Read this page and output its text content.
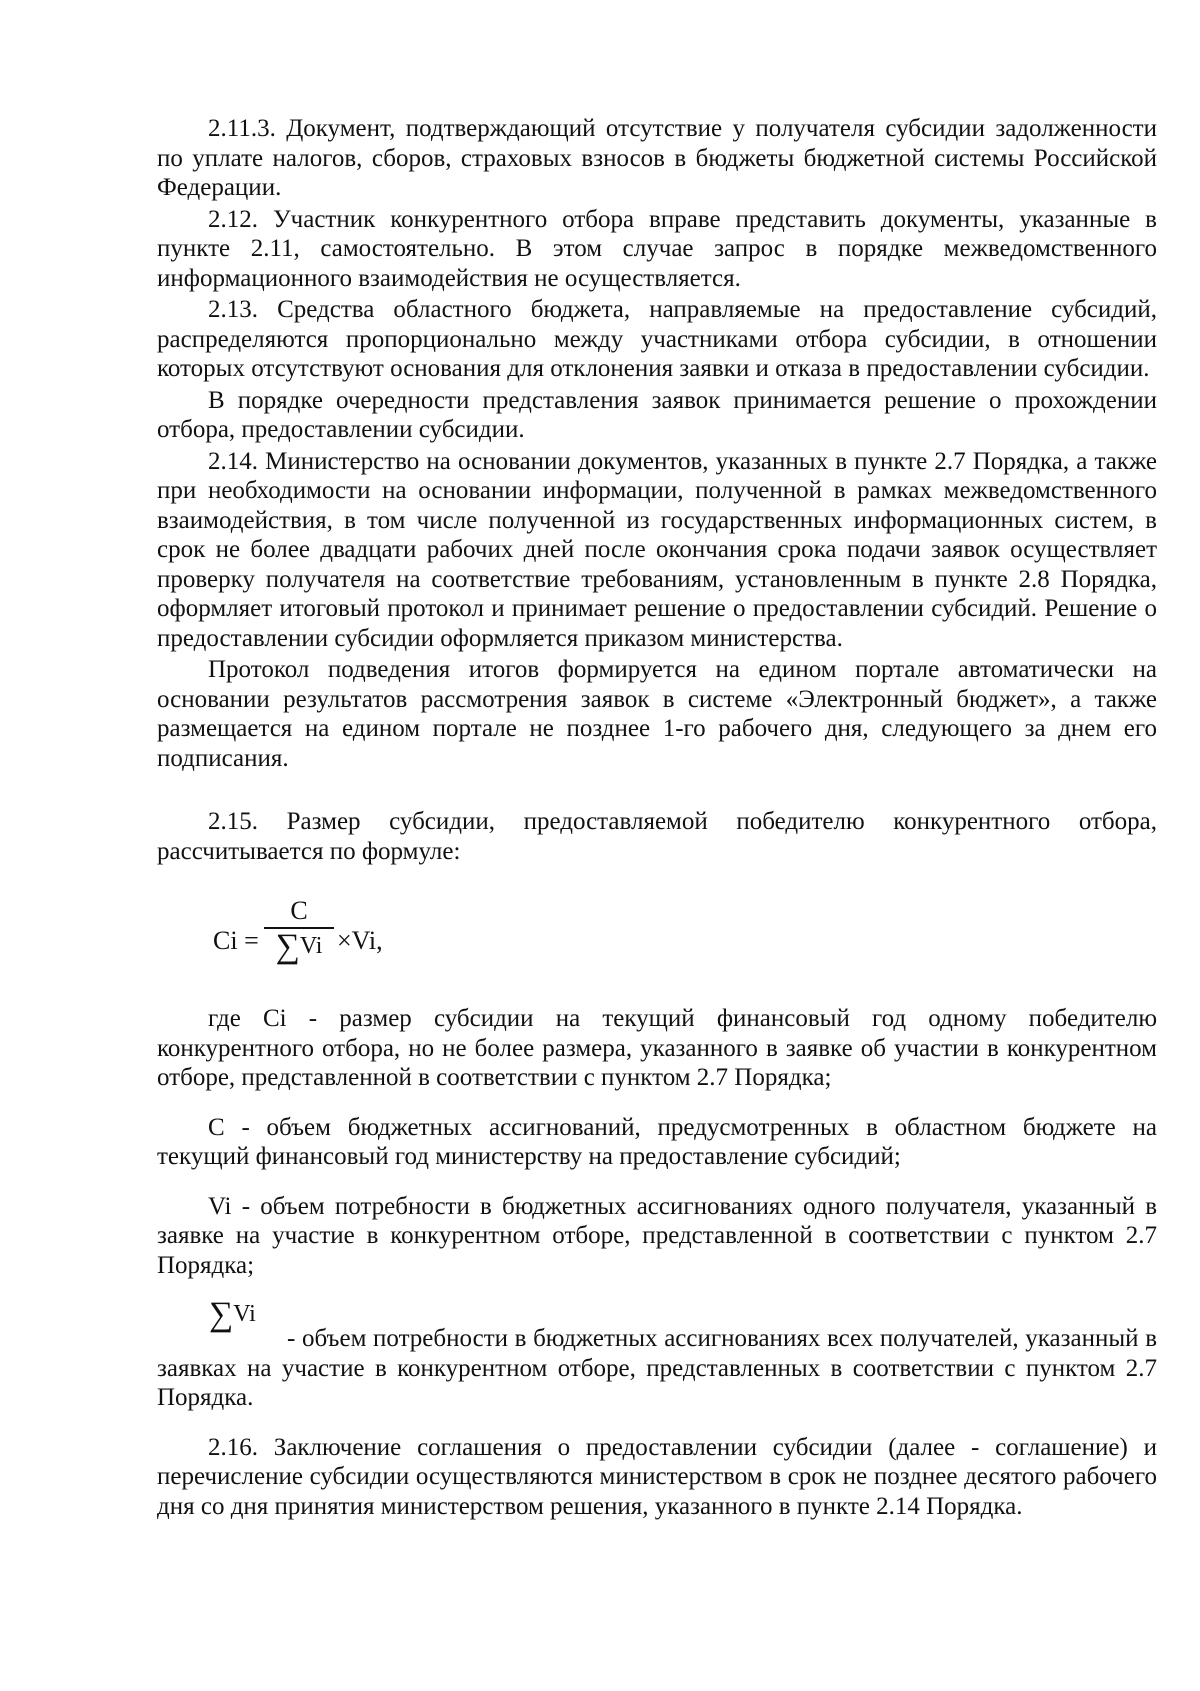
2.11.3. Документ, подтверждающий отсутствие у получателя субсидии задолженности по уплате налогов, сборов, страховых взносов в бюджеты бюджетной системы Российской Федерации.

2.12. Участник конкурентного отбора вправе представить документы, указанные в пункте 2.11, самостоятельно. В этом случае запрос в порядке межведомственного информационного взаимодействия не осуществляется.

2.13. Средства областного бюджета, направляемые на предоставление субсидий, распределяются пропорционально между участниками отбора субсидии, в отношении которых отсутствуют основания для отклонения заявки и отказа в предоставлении субсидии.

В порядке очередности представления заявок принимается решение о прохождении отбора, предоставлении субсидии.

2.14. Министерство на основании документов, указанных в пункте 2.7 Порядка, а также при необходимости на основании информации, полученной в рамках межведомственного взаимодействия, в том числе полученной из государственных информационных систем, в срок не более двадцати рабочих дней после окончания срока подачи заявок осуществляет проверку получателя на соответствие требованиям, установленным в пункте 2.8 Порядка, оформляет итоговый протокол и принимает решение о предоставлении субсидий. Решение о предоставлении субсидии оформляется приказом министерства.

Протокол подведения итогов формируется на едином портале автоматически на основании результатов рассмотрения заявок в системе «Электронный бюджет», а также размещается на едином портале не позднее 1-го рабочего дня, следующего за днем его подписания.

2.15. Размер субсидии, предоставляемой победителю конкурентного отбора, рассчитывается по формуле:

Ci =
C
∑Vi ×Vi,

где Ci - размер субсидии на текущий финансовый год одному победителю конкурентного отбора, но не более размера, указанного в заявке об участии в конкурентном отборе, представленной в соответствии с пунктом 2.7 Порядка;

C - объем бюджетных ассигнований, предусмотренных в областном бюджете на текущий финансовый год министерству на предоставление субсидий;

Vi - объем потребности в бюджетных ассигнованиях одного получателя, указанный в заявке на участие в конкурентном отборе, представленной в соответствии с пунктом 2.7 Порядка;

∑Vi

- объем потребности в бюджетных ассигнованиях всех получателей, указанный в заявках на участие в конкурентном отборе, представленных в соответствии с пунктом 2.7 Порядка.

2.16. Заключение соглашения о предоставлении субсидии (далее - соглашение) и перечисление субсидии осуществляются министерством в срок не позднее десятого рабочего дня со дня принятия министерством решения, указанного в пункте 2.14 Порядка.
